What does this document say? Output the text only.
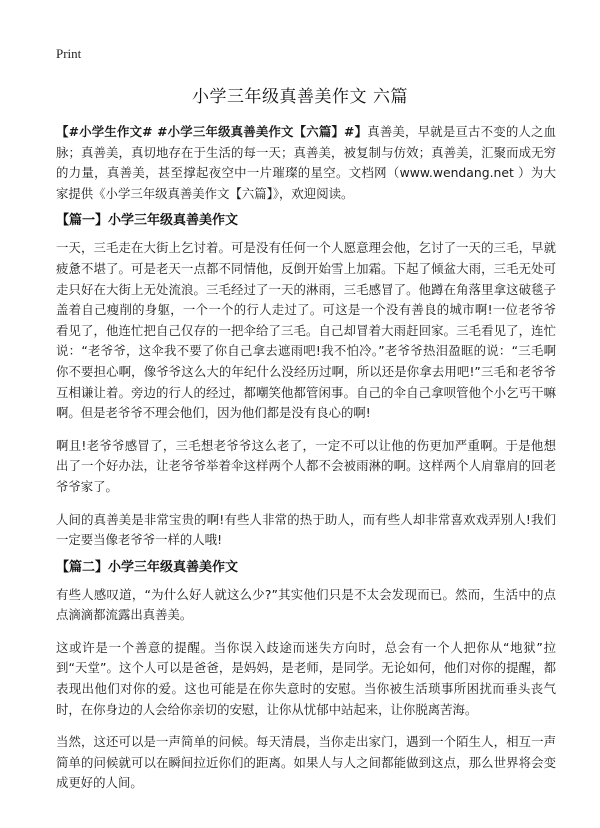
Print
小学三年级真善美作文 六篇

【#小学生作文# #小学三年级真善美作文【六篇】#】真善美，早就是亘古不变的人之血脉；真善美，真切地存在于生活的每一天；真善美，被复制与仿效；真善美，汇聚而成无穷的力量，真善美，甚至撑起夜空中一片璀璨的星空。文档网（www.wendang.net ）为大家提供《小学三年级真善美作文【六篇】》，欢迎阅读。

【篇一】小学三年级真善美作文

一天，三毛走在大街上乞讨着。可是没有任何一个人愿意理会他，乞讨了一天的三毛，早就疲惫不堪了。可是老天一点都不同情他，反倒开始雪上加霜。下起了倾盆大雨，三毛无处可走只好在大街上无处流浪。三毛经过了一天的淋雨，三毛感冒了。他蹲在角落里拿这破毯子盖着自己瘦削的身躯，一个一个的行人走过了。可这是一个没有善良的城市啊!一位老爷爷看见了，他连忙把自己仅存的一把伞给了三毛。自己却冒着大雨赶回家。三毛看见了，连忙说：“老爷爷，这伞我不要了你自己拿去遮雨吧!我不怕冷。”老爷爷热泪盈眶的说：“三毛啊你不要担心啊，像爷爷这么大的年纪什么没经历过啊，所以还是你拿去用吧!”三毛和老爷爷互相谦让着。旁边的行人的经过，都嘲笑他都管闲事。自己的伞自己拿呗管他个小乞丐干嘛啊。但是老爷爷不理会他们，因为他们都是没有良心的啊!

啊且!老爷爷感冒了，三毛想老爷爷这么老了，一定不可以让他的伤更加严重啊。于是他想出了一个好办法，让老爷爷举着伞这样两个人都不会被雨淋的啊。这样两个人肩靠肩的回老爷爷家了。

人间的真善美是非常宝贵的啊!有些人非常的热于助人，而有些人却非常喜欢戏弄别人!我们一定要当像老爷爷一样的人哦!

【篇二】小学三年级真善美作文

有些人感叹道，“为什么好人就这么少?”其实他们只是不太会发现而已。然而，生活中的点点滴滴都流露出真善美。

这或许是一个善意的提醒。当你误入歧途而迷失方向时，总会有一个人把你从“地狱”拉到“天堂”。这个人可以是爸爸，是妈妈，是老师，是同学。无论如何，他们对你的提醒，都表现出他们对你的爱。这也可能是在你失意时的安慰。当你被生活琐事所困扰而垂头丧气时，在你身边的人会给你亲切的安慰，让你从忧郁中站起来，让你脱离苦海。

当然，这还可以是一声简单的问候。每天清晨，当你走出家门，遇到一个陌生人，相互一声简单的问候就可以在瞬间拉近你们的距离。如果人与人之间都能做到这点，那么世界将会变成更好的人间。
